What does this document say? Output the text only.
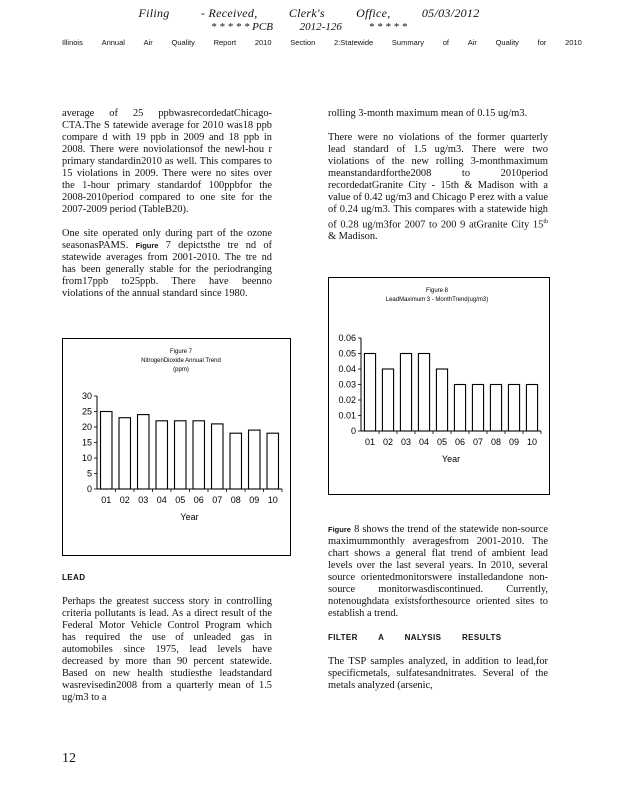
Filing	- Received,	Clerk's	Office,	05/03/2012
* * * * * PCB 2012-126 * * * * *
Illinois Annual Air Quality Report 2010 Section 2:Statewide Summary of Air Quality for 2010

average of 25 ppbwasrecordedatChicago-CTA.The S tatewide average for 2010 was18 ppb compare d with 19 ppb in 2009 and 18 ppb in 2008. There were noviolationsof the newl-hou r primary standardin2010 as well. This compares to 15 violations in 2009. There were no sites over the 1-hour primary standardof 100ppbfor the 2008-2010period compared to one site for the 2007-2009 period (TableB20).

One site operated only during part of the ozone seasonasPAMS. Figure 7 depictsthe tre nd of statewide averages from 2001-2010. The tre nd has been generally stable for the periodranging from17ppb to25ppb. There have beenno violations of the annual standard since 1980.

Figure 7
NitrogenDioxide Annual Trend
(ppm)
0
5
10
15
20
25
30
01 02 03 04 05 06 07 08 09 10
Year

LEAD

Perhaps the greatest success story in controlling criteria pollutants is lead. As a direct result of the Federal Motor Vehicle Control Program which has required the use of unleaded gas in automobiles since 1975, lead levels have decreased by more than 90 percent statewide. Based on new health studiesthe leadstandard wasrevisedin2008 from a quarterly mean of 1.5 ug/m3 to a

rolling 3-month maximum mean of 0.15 ug/m3.

There were no violations of the former quarterly lead standard of 1.5 ug/m3. There were two violations of the new rolling 3-monthmaximum meanstandardforthe2008 to 2010period recordedatGranite City - 15th & Madison with a value of 0.42 ug/m3 and Chicago P erez with a value of 0.24 ug/m3. This compares with a statewide high of 0.28 ug/m3for 2007 to 200 9 atGranite City 15th & Madison.

Figure 8
LeadMaximum 3 - MonthTrend(ug/m3)
0
0.01
0.02
0.03
0.04
0.05
0.06
01 02 03 04 05 06 07 08 09 10
Year

Figure 8 shows the trend of the statewide non-source maximummonthly averagesfrom 2001-2010. The chart shows a general flat trend of ambient lead levels over the last several years. In 2010, several source orientedmonitorswere installedandone non-source monitorwasdiscontinued. Currently, notenoughdata existsforthesource oriented sites to establish a trend.

FILTER A NALYSIS RESULTS

The TSP samples analyzed, in addition to lead,for specificmetals, sulfatesandnitrates. Several of the metals analyzed (arsenic,

12
